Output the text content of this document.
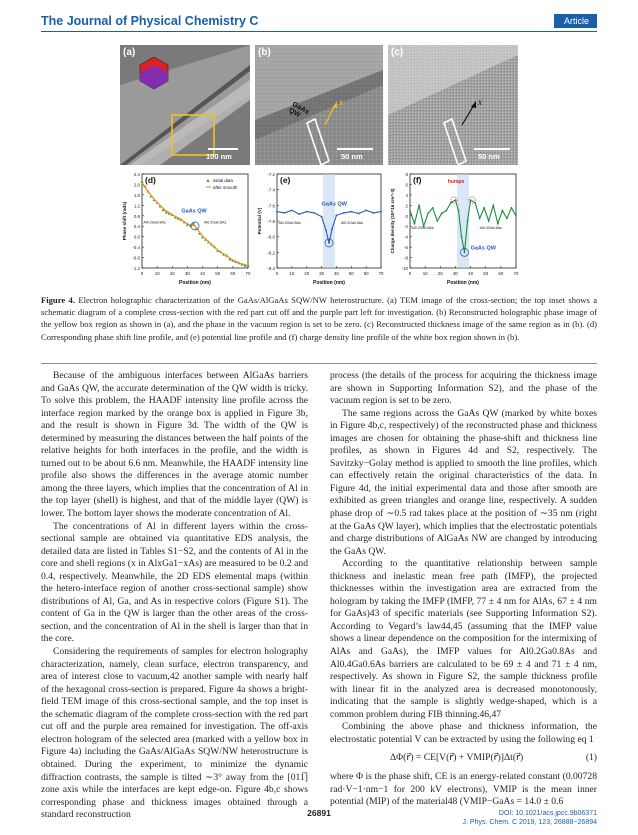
The Journal of Physical Chemistry C	Article
(a)
100 nm
(b)
GaAs QW
x
50 nm
(c)
x
50 nm
(d)
2.4
2.0
1.6
1.2
0.8
0.4
0.0
-0.4
-0.8
-1.2
0	10 20 30 40 50 60 70
Position (nm)
Phase shift (rads)
initial data
after smooth
GaAs QW
Al0.2Ga0.8As	Al0.2Ga0.8As
(e)
-7.2
-7.4
-7.6
-7.8
-8.0
-8.2
-8.4
0	10 20 30 40 50 60 70
Position (nm)
Potential (V)
GaAs QW
Al0.2Ga0.8As	Al0.2Ga0.8As
(f)
8
6
4
2
0
-2
-4
-6
-8
-10
0	10 20 30 40 50 60 70
Position (nm)
Charge density (10^16 cm^-3)
humps
GaAs QW
Al0.2Ga0.8As	Al0.4Ga0.6As
Figure 4. Electron holographic characterization of the GaAs/AlGaAs SQW/NW heterostructure. (a) TEM image of the cross-section; the top inset shows a schematic diagram of a complete cross-section with the red part cut off and the purple part left for investigation. (b) Reconstructed holographic phase image of the yellow box region as shown in (a), and the phase in the vacuum region is set to be zero. (c) Reconstructed thickness image of the same region as in (b). (d) Corresponding phase shift line profile, and (e) potential line profile and (f) charge density line profile of the white box region shown in (b).

Because of the ambiguous interfaces between AlGaAs barriers and GaAs QW, the accurate determination of the QW width is tricky. To solve this problem, the HAADF intensity line profile across the interface region marked by the orange box is applied in Figure 3b, and the result is shown in Figure 3d. The width of the QW is determined by measuring the distances between the half points of the relative heights for both interfaces in the profile, and the width is turned out to be about 6.6 nm. Meanwhile, the HAADF intensity line profile also shows the differences in the average atomic number among the three layers, which implies that the concentration of Al in the top layer (shell) is highest, and that of the middle layer (QW) is lower. The bottom layer shows the moderate concentration of Al.

The concentrations of Al in different layers within the cross-sectional sample are obtained via quantitative EDS analysis, the detailed data are listed in Tables S1−S2, and the contents of Al in the core and shell regions (x in AlxGa1−xAs) are measured to be 0.2 and 0.4, respectively. Meanwhile, the 2D EDS elemental maps (within the hetero-interface region of another cross-sectional sample) show distributions of Al, Ga, and As in respective colors (Figure S1). The content of Ga in the QW is larger than the other areas of the cross-section, and the concentration of Al in the shell is larger than that in the core.

Considering the requirements of samples for electron holography characterization, namely, clean surface, electron transparency, and area of interest close to vacuum,42 another sample with nearly half of the hexagonal cross-section is prepared. Figure 4a shows a bright-field TEM image of this cross-sectional sample, and the top inset is the schematic diagram of the complete cross-section with the red part cut off and the purple area remained for investigation. The off-axis electron hologram of the selected area (marked with a yellow box in Figure 4a) including the GaAs/AlGaAs SQW/NW heterostructure is obtained. During the experiment, to minimize the dynamic diffraction contrasts, the sample is tilted ∼3° away from the [011̅] zone axis while the interfaces are kept edge-on. Figure 4b,c shows corresponding phase and thickness images obtained through a standard reconstruction

process (the details of the process for acquiring the thickness image are shown in Supporting Information S2), and the phase of the vacuum region is set to be zero.

The same regions across the GaAs QW (marked by white boxes in Figure 4b,c, respectively) of the reconstructed phase and thickness images are chosen for obtaining the phase-shift and thickness line profiles, as shown in Figures 4d and S2, respectively. The Savitzky−Golay method is applied to smooth the line profiles, which can effectively retain the original characteristics of the data. In Figure 4d, the initial experimental data and those after smooth are exhibited as green triangles and orange line, respectively. A sudden phase drop of ∼0.5 rad takes place at the position of ∼35 nm (right at the GaAs QW layer), which implies that the electrostatic potentials and charge distributions of AlGaAs NW are changed by introducing the GaAs QW.

According to the quantitative relationship between sample thickness and inelastic mean free path (IMFP), the projected thicknesses within the investigation area are extracted from the hologram by taking the IMFP (IMFP, 77 ± 4 nm for AlAs, 67 ± 4 nm for GaAs)43 of specific materials (see Supporting Information S2). According to Vegard’s law44,45 (assuming that the IMFP value shows a linear dependence on the composition for the intermixing of AlAs and GaAs), the IMFP values for Al0.2Ga0.8As and Al0.4Ga0.6As barriers are calculated to be 69 ± 4 and 71 ± 4 nm, respectively. As shown in Figure S2, the sample thickness profile with linear fit in the analyzed area is decreased monotonously, indicating that the sample is slightly wedge-shaped, which is a common problem during FIB thinning.46,47

Combining the above phase and thickness information, the electrostatic potential V can be extracted by using the following eq 1

ΔΦ(r⃗) = CE[V(r⃗) + VMIP(r⃗)]Δt(r⃗)	(1)

where Φ is the phase shift, CE is an energy-related constant (0.00728 rad·V−1·nm−1 for 200 kV electrons), VMIP is the mean inner potential (MIP) of the material48 (VMIP−GaAs = 14.0 ± 0.6

26891	DOI: 10.1021/acs.jpcc.9b06371
J. Phys. Chem. C 2019, 123, 26888−26894
